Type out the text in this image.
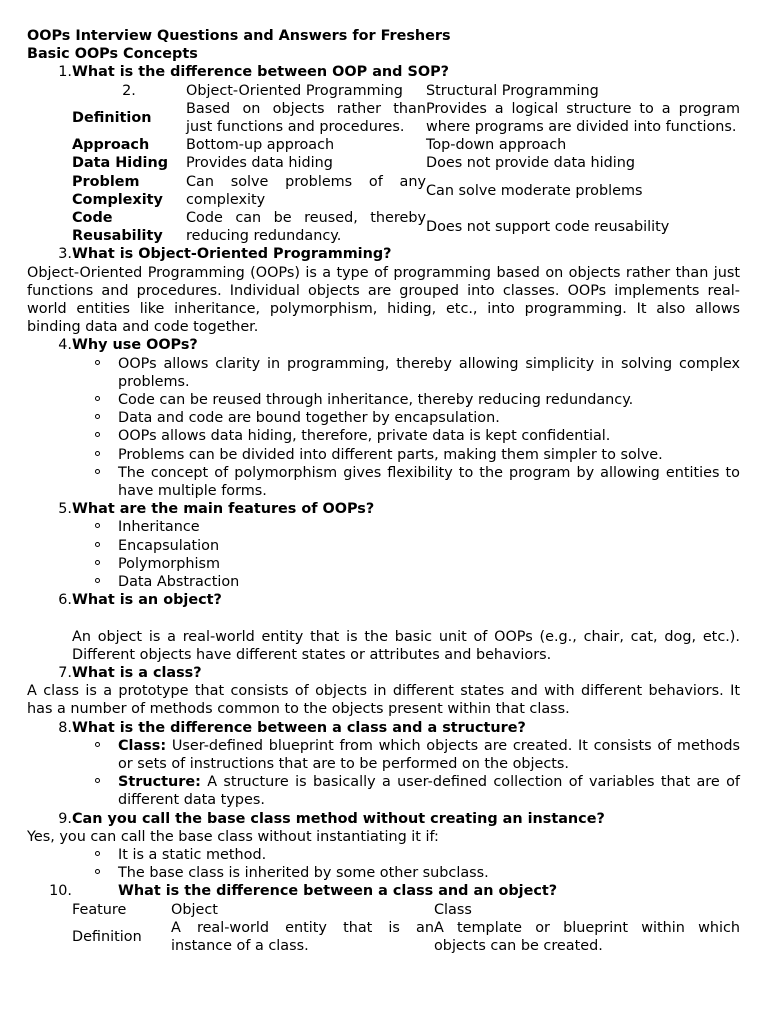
OOPs Interview Questions and Answers for Freshers
Basic OOPs Concepts
1. What is the difference between OOP and SOP?
2.	Object-Oriented Programming	Structural Programming
Definition	Based on objects rather than just functions and procedures.	Provides a logical structure to a program where programs are divided into functions.
Approach	Bottom-up approach	Top-down approach
Data Hiding	Provides data hiding	Does not provide data hiding
Problem Complexity	Can solve problems of any complexity	Can solve moderate problems
Code Reusability	Code can be reused, thereby reducing redundancy.	Does not support code reusability
3. What is Object-Oriented Programming?
Object-Oriented Programming (OOPs) is a type of programming based on objects rather than just functions and procedures. Individual objects are grouped into classes. OOPs implements real-world entities like inheritance, polymorphism, hiding, etc., into programming. It also allows binding data and code together.
4. Why use OOPs?
OOPs allows clarity in programming, thereby allowing simplicity in solving complex problems.
Code can be reused through inheritance, thereby reducing redundancy.
Data and code are bound together by encapsulation.
OOPs allows data hiding, therefore, private data is kept confidential.
Problems can be divided into different parts, making them simpler to solve.
The concept of polymorphism gives flexibility to the program by allowing entities to have multiple forms.
5. What are the main features of OOPs?
Inheritance
Encapsulation
Polymorphism
Data Abstraction
6. What is an object?
An object is a real-world entity that is the basic unit of OOPs (e.g., chair, cat, dog, etc.). Different objects have different states or attributes and behaviors.
7. What is a class?
A class is a prototype that consists of objects in different states and with different behaviors. It has a number of methods common to the objects present within that class.
8. What is the difference between a class and a structure?
Class: User-defined blueprint from which objects are created. It consists of methods or sets of instructions that are to be performed on the objects.
Structure: A structure is basically a user-defined collection of variables that are of different data types.
9. Can you call the base class method without creating an instance?
Yes, you can call the base class without instantiating it if:
It is a static method.
The base class is inherited by some other subclass.
10.	What is the difference between a class and an object?
Feature	Object	Class
Definition	A real-world entity that is an instance of a class.	A template or blueprint within which objects can be created.
